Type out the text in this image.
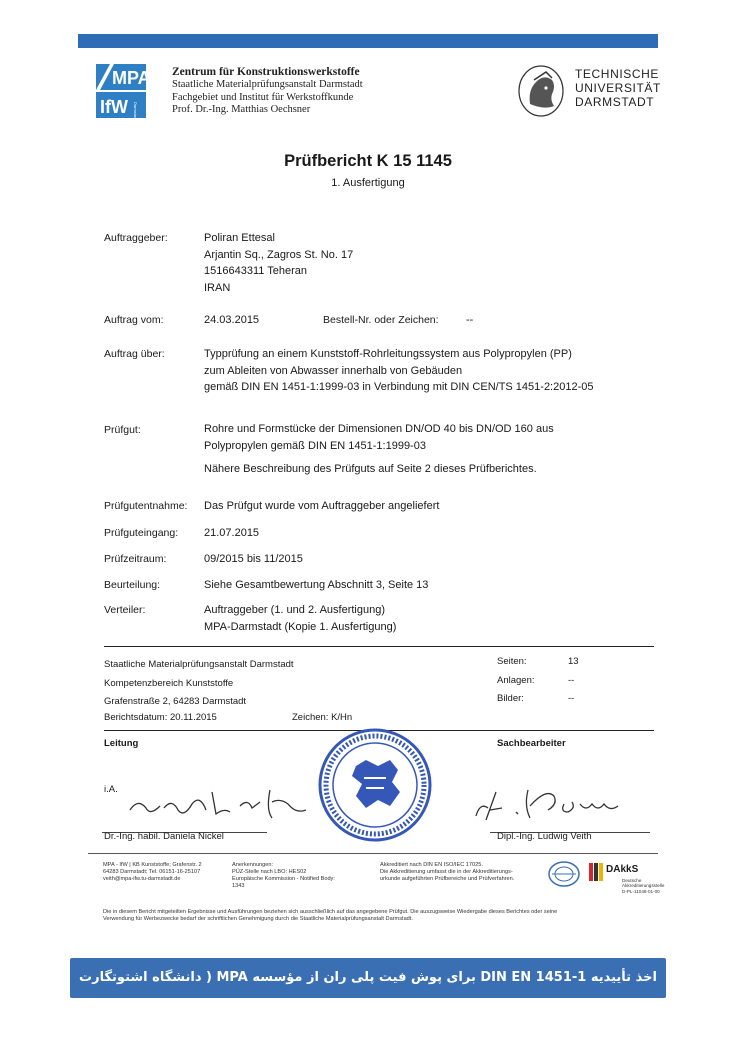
MPA
IfW Darmstadt
Zentrum für Konstruktionswerkstoffe
Staatliche Materialprüfungsanstalt Darmstadt
Fachgebiet und Institut für Werkstoffkunde
Prof. Dr.-Ing. Matthias Oechsner
TECHNISCHE
UNIVERSITÄT
DARMSTADT
Prüfbericht K 15 1145
1. Ausfertigung
Auftraggeber:	Poliran Ettesal
Arjantin Sq., Zagros St. No. 17
1516643311 Teheran
IRAN
Auftrag vom:	24.03.2015	Bestell-Nr. oder Zeichen: --
Auftrag über:	Typprüfung an einem Kunststoff-Rohrleitungssystem aus Polypropylen (PP)
zum Ableiten von Abwasser innerhalb von Gebäuden
gemäß DIN EN 1451-1:1999-03 in Verbindung mit DIN CEN/TS 1451-2:2012-05
Prüfgut:	Rohre und Formstücke der Dimensionen DN/OD 40 bis DN/OD 160 aus
Polypropylen gemäß DIN EN 1451-1:1999-03
Nähere Beschreibung des Prüfguts auf Seite 2 dieses Prüfberichtes.
Prüfgutentnahme: Das Prüfgut wurde vom Auftraggeber angeliefert
Prüfguteingang: 21.07.2015
Prüfzeitraum:	09/2015 bis 11/2015
Beurteilung:	Siehe Gesamtbewertung Abschnitt 3, Seite 13
Verteiler:	Auftraggeber (1. und 2. Ausfertigung)
MPA-Darmstadt (Kopie 1. Ausfertigung)
Staatliche Materialprüfungsanstalt Darmstadt
Kompetenzbereich Kunststoffe
Grafenstraße 2, 64283 Darmstadt
Berichtsdatum: 20.11.2015	Zeichen: K/Hn
Seiten:	13
Anlagen:	--
Bilder:	--
Leitung	Sachbearbeiter
i.A.
Dr.-Ing. habil. Daniela Nickel	Dipl.-Ing. Ludwig Veith
MPA - IfW | KB Kunststoffe; Grafenstr. 2
64283 Darmstadt; Tel. 06151-16-25107
veith@mpa-ifw.tu-darmstadt.de
Anerkennungen:
PÜZ-Stelle nach LBO: HES02
Europäische Kommission - Notified Body:
1343
Akkreditiert nach DIN EN ISO/IEC 17025.
Die Akkreditierung umfasst die in der Akkreditierungs-
urkunde aufgeführten Prüfbereiche und Prüfverfahren.
DAkkS
Deutsche
Akkreditierungsstelle
D-PL-11048-01-00
Die in diesem Bericht mitgeteilten Ergebnisse und Ausführungen beziehen sich ausschließlich auf das angegebene Prüfgut. Die auszugsweise Wiedergabe dieses Berichtes oder seine
Verwendung für Werbezwecke bedarf der schriftlichen Genehmigung durch die Staatliche Materialprüfungsanstalt Darmstadt.
اخذ تأییدیه DIN EN 1451-1 برای پوش فیت پلی ران از مؤسسه MPA ( دانشگاه اشتوتگارت آلمان )
